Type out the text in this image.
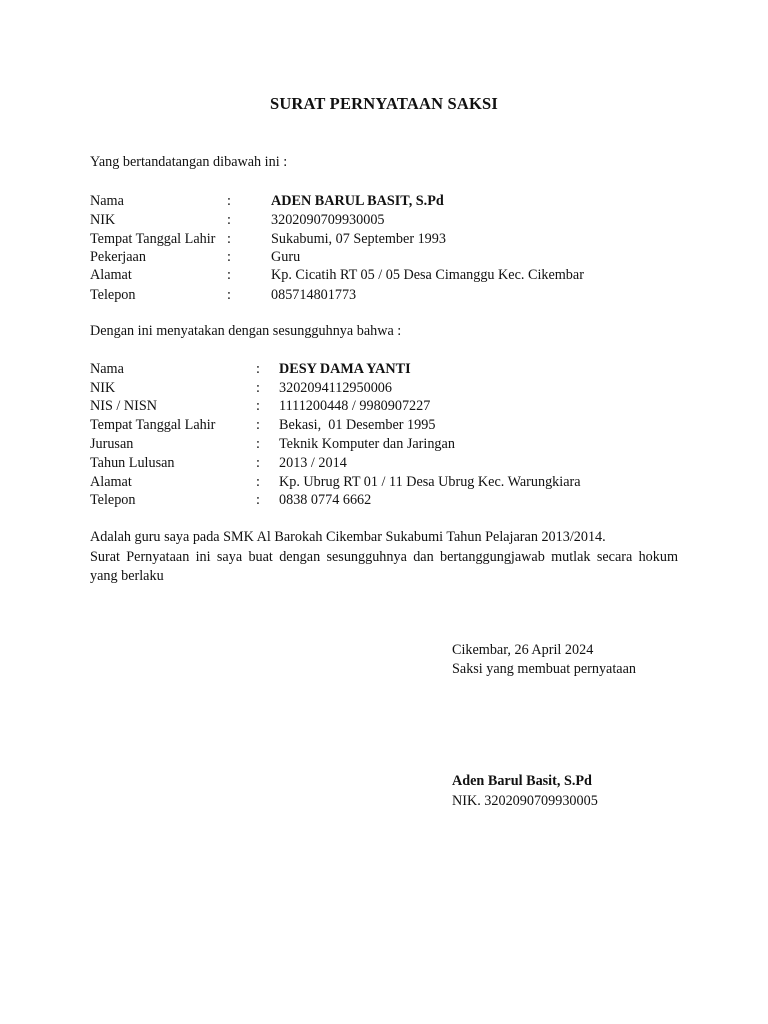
SURAT PERNYATAAN SAKSI
Yang bertandatangan dibawah ini :
Nama	:	ADEN BARUL BASIT, S.Pd
NIK	:	3202090709930005
Tempat Tanggal Lahir :	Sukabumi, 07 September 1993
Pekerjaan	:	Guru
Alamat	:	Kp. Cicatih RT 05 / 05 Desa Cimanggu Kec. Cikembar
Telepon	:	085714801773
Dengan ini menyatakan dengan sesungguhnya bahwa :
Nama	: DESY DAMA YANTI
NIK	: 3202094112950006
NIS / NISN	: 1111200448 / 9980907227
Tempat Tanggal Lahir	: Bekasi,  01 Desember 1995
Jurusan	: Teknik Komputer dan Jaringan
Tahun Lulusan	: 2013 / 2014
Alamat	: Kp. Ubrug RT 01 / 11 Desa Ubrug Kec. Warungkiara
Telepon	: 0838 0774 6662
Adalah guru saya pada SMK Al Barokah Cikembar Sukabumi Tahun Pelajaran 2013/2014.
Surat Pernyataan ini saya buat dengan sesungguhnya dan bertanggungjawab mutlak secara hokum yang berlaku
Cikembar, 26 April 2024
Saksi yang membuat pernyataan
Aden Barul Basit, S.Pd
NIK. 3202090709930005
